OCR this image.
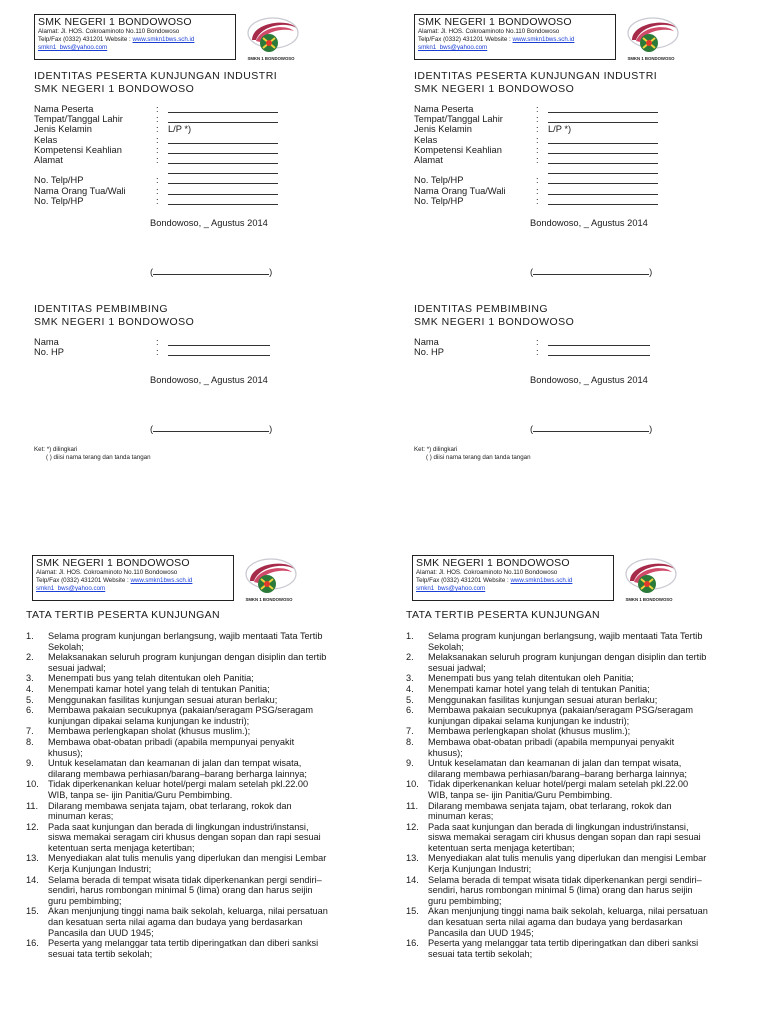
SMK NEGERI 1 BONDOWOSO
Alamat: Jl. HOS. Cokroaminoto No.110 Bondowoso
Telp/Fax (0332) 431201 Website : www.smkn1bws.sch.id
smkn1_bws@yahoo.com
SMKN 1 BONDOWOSO
IDENTITAS PESERTA KUNJUNGAN INDUSTRI
SMK NEGERI 1 BONDOWOSO
Nama Peserta	:
Tempat/Tanggal Lahir	:
Jenis Kelamin	: L/P *)
Kelas	:
Kompetensi Keahlian	:
Alamat	:
No. Telp/HP	:
Nama Orang Tua/Wali	:
No. Telp/HP	:
Bondowoso, _ Agustus 2014
(	)
IDENTITAS PEMBIMBING
SMK NEGERI 1 BONDOWOSO
Nama	:
No. HP	:
Bondowoso, _ Agustus 2014
(	)
Ket: *) dilingkari
( ) diisi nama terang dan tanda tangan
SMK NEGERI 1 BONDOWOSO
Alamat: Jl. HOS. Cokroaminoto No.110 Bondowoso
Telp/Fax (0332) 431201 Website : www.smkn1bws.sch.id
smkn1_bws@yahoo.com
SMKN 1 BONDOWOSO
IDENTITAS PESERTA KUNJUNGAN INDUSTRI
SMK NEGERI 1 BONDOWOSO
Nama Peserta	:
Tempat/Tanggal Lahir	:
Jenis Kelamin	: L/P *)
Kelas	:
Kompetensi Keahlian	:
Alamat	:
No. Telp/HP	:
Nama Orang Tua/Wali	:
No. Telp/HP	:
Bondowoso, _ Agustus 2014
(	)
IDENTITAS PEMBIMBING
SMK NEGERI 1 BONDOWOSO
Nama	:
No. HP	:
Bondowoso, _ Agustus 2014
(	)
Ket: *) dilingkari
( ) diisi nama terang dan tanda tangan
SMK NEGERI 1 BONDOWOSO
Alamat: Jl. HOS. Cokroaminoto No.110 Bondowoso
Telp/Fax (0332) 431201 Website : www.smkn1bws.sch.id
smkn1_bws@yahoo.com
SMKN 1 BONDOWOSO
TATA TERTIB PESERTA KUNJUNGAN
1.	Selama program kunjungan berlangsung, wajib mentaati Tata Tertib
Sekolah;
2.	Melaksanakan seluruh program kunjungan dengan disiplin dan tertib
sesuai jadwal;
3.	Menempati bus yang telah ditentukan oleh Panitia;
4.	Menempati kamar hotel yang telah di tentukan Panitia;
5.	Menggunakan fasilitas kunjungan sesuai aturan berlaku;
6.	Membawa pakaian secukupnya (pakaian/seragam PSG/seragam
kunjungan dipakai selama kunjungan ke industri);
7.	Membawa perlengkapan sholat (khusus muslim.);
8.	Membawa obat-obatan pribadi (apabila mempunyai penyakit
khusus);
9.	Untuk keselamatan dan keamanan di jalan dan tempat wisata,
dilarang membawa perhiasan/barang–barang berharga lainnya;
10.	Tidak diperkenankan keluar hotel/pergi malam setelah pkl.22.00
WIB, tanpa se- ijin Panitia/Guru Pembimbing.
11.	Dilarang membawa senjata tajam, obat terlarang, rokok dan
minuman keras;
12.	Pada saat kunjungan dan berada di lingkungan industri/instansi,
siswa memakai seragam ciri khusus dengan sopan dan rapi sesuai
ketentuan serta menjaga ketertiban;
13.	Menyediakan alat tulis menulis yang diperlukan dan mengisi Lembar
Kerja Kunjungan Industri;
14.	Selama berada di tempat wisata tidak diperkenankan pergi sendiri–
sendiri, harus rombongan minimal 5 (lima) orang dan harus seijin
guru pembimbing;
15.	Akan menjunjung tinggi nama baik sekolah, keluarga, nilai persatuan
dan kesatuan serta nilai agama dan budaya yang berdasarkan
Pancasila dan UUD 1945;
16.	Peserta yang melanggar tata tertib diperingatkan dan diberi sanksi
sesuai tata tertib sekolah;
SMK NEGERI 1 BONDOWOSO
Alamat: Jl. HOS. Cokroaminoto No.110 Bondowoso
Telp/Fax (0332) 431201 Website : www.smkn1bws.sch.id
smkn1_bws@yahoo.com
SMKN 1 BONDOWOSO
TATA TERTIB PESERTA KUNJUNGAN
1.	Selama program kunjungan berlangsung, wajib mentaati Tata Tertib
Sekolah;
2.	Melaksanakan seluruh program kunjungan dengan disiplin dan tertib
sesuai jadwal;
3.	Menempati bus yang telah ditentukan oleh Panitia;
4.	Menempati kamar hotel yang telah di tentukan Panitia;
5.	Menggunakan fasilitas kunjungan sesuai aturan berlaku;
6.	Membawa pakaian secukupnya (pakaian/seragam PSG/seragam
kunjungan dipakai selama kunjungan ke industri);
7.	Membawa perlengkapan sholat (khusus muslim.);
8.	Membawa obat-obatan pribadi (apabila mempunyai penyakit
khusus);
9.	Untuk keselamatan dan keamanan di jalan dan tempat wisata,
dilarang membawa perhiasan/barang–barang berharga lainnya;
10.	Tidak diperkenankan keluar hotel/pergi malam setelah pkl.22.00
WIB, tanpa se- ijin Panitia/Guru Pembimbing.
11.	Dilarang membawa senjata tajam, obat terlarang, rokok dan
minuman keras;
12.	Pada saat kunjungan dan berada di lingkungan industri/instansi,
siswa memakai seragam ciri khusus dengan sopan dan rapi sesuai
ketentuan serta menjaga ketertiban;
13.	Menyediakan alat tulis menulis yang diperlukan dan mengisi Lembar
Kerja Kunjungan Industri;
14.	Selama berada di tempat wisata tidak diperkenankan pergi sendiri–
sendiri, harus rombongan minimal 5 (lima) orang dan harus seijin
guru pembimbing;
15.	Akan menjunjung tinggi nama baik sekolah, keluarga, nilai persatuan
dan kesatuan serta nilai agama dan budaya yang berdasarkan
Pancasila dan UUD 1945;
16.	Peserta yang melanggar tata tertib diperingatkan dan diberi sanksi
sesuai tata tertib sekolah;
